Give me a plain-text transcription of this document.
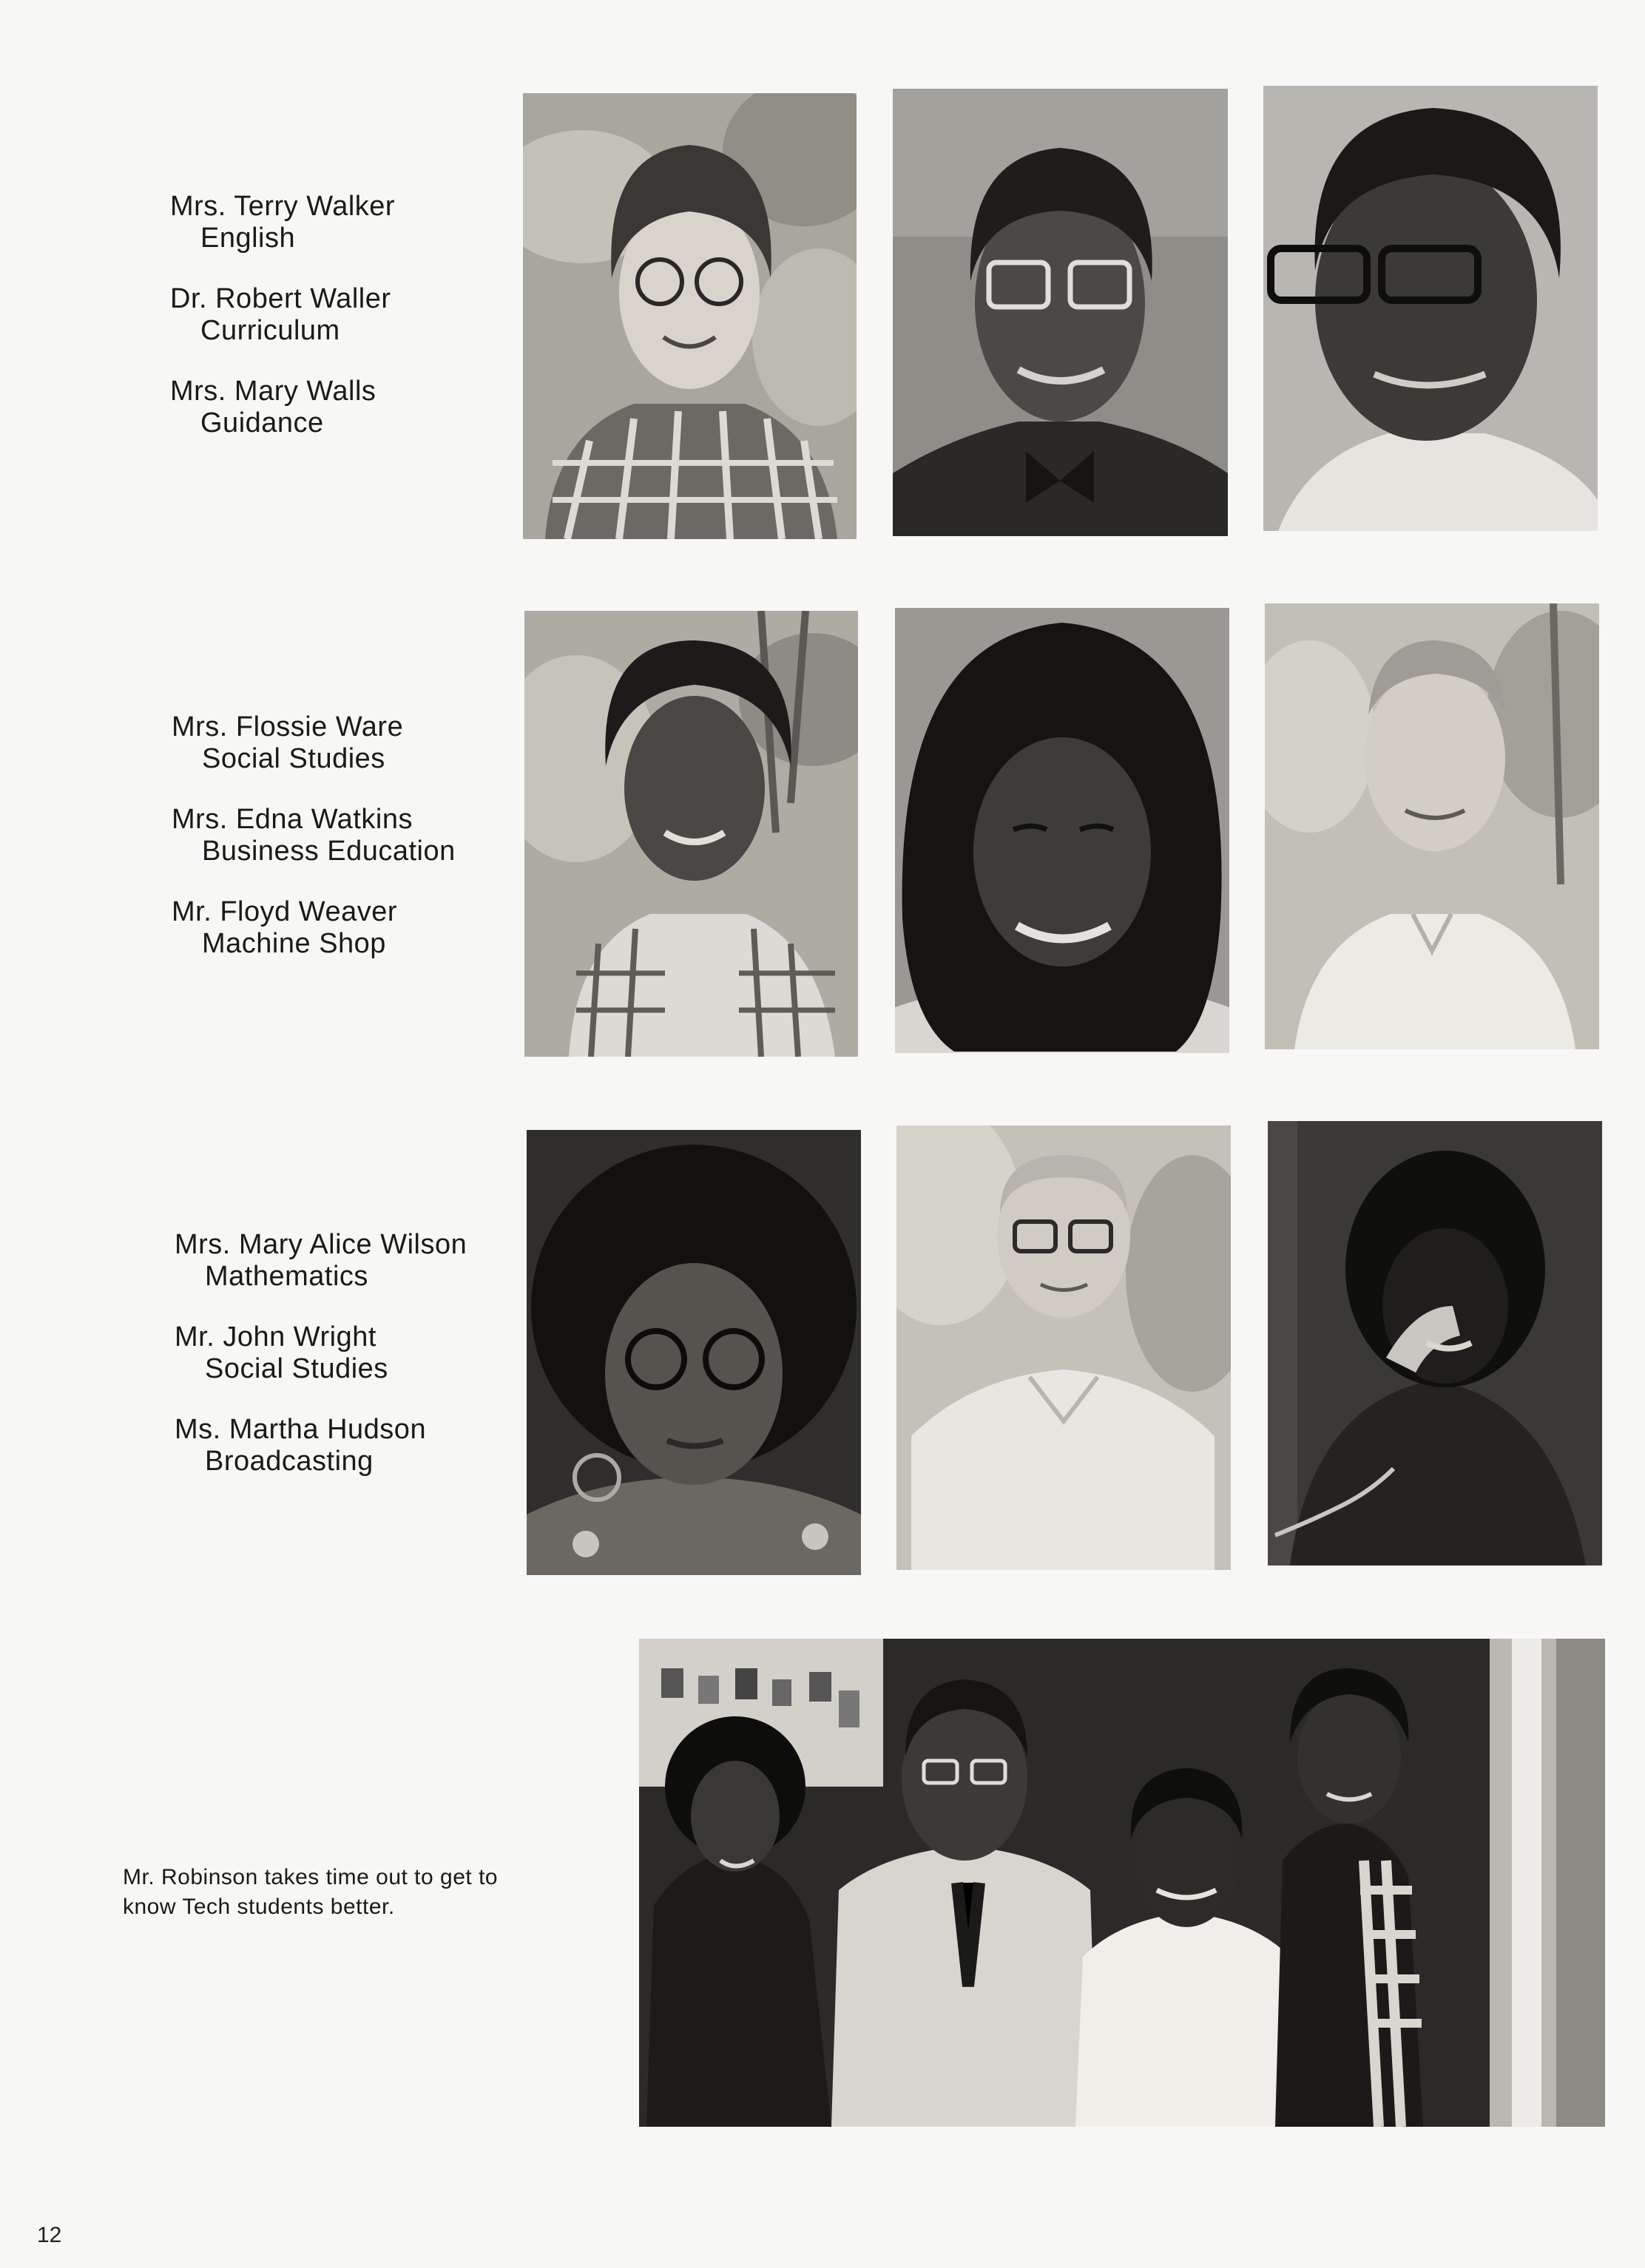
Mrs. Terry Walker
English
Dr. Robert Waller
Curriculum
Mrs. Mary Walls
Guidance
Mrs. Flossie Ware
Social Studies
Mrs. Edna Watkins
Business Education
Mr. Floyd Weaver
Machine Shop
Mrs. Mary Alice Wilson
Mathematics
Mr. John Wright
Social Studies
Ms. Martha Hudson
Broadcasting
Mr. Robinson takes time out to get to
know Tech students better.
12
